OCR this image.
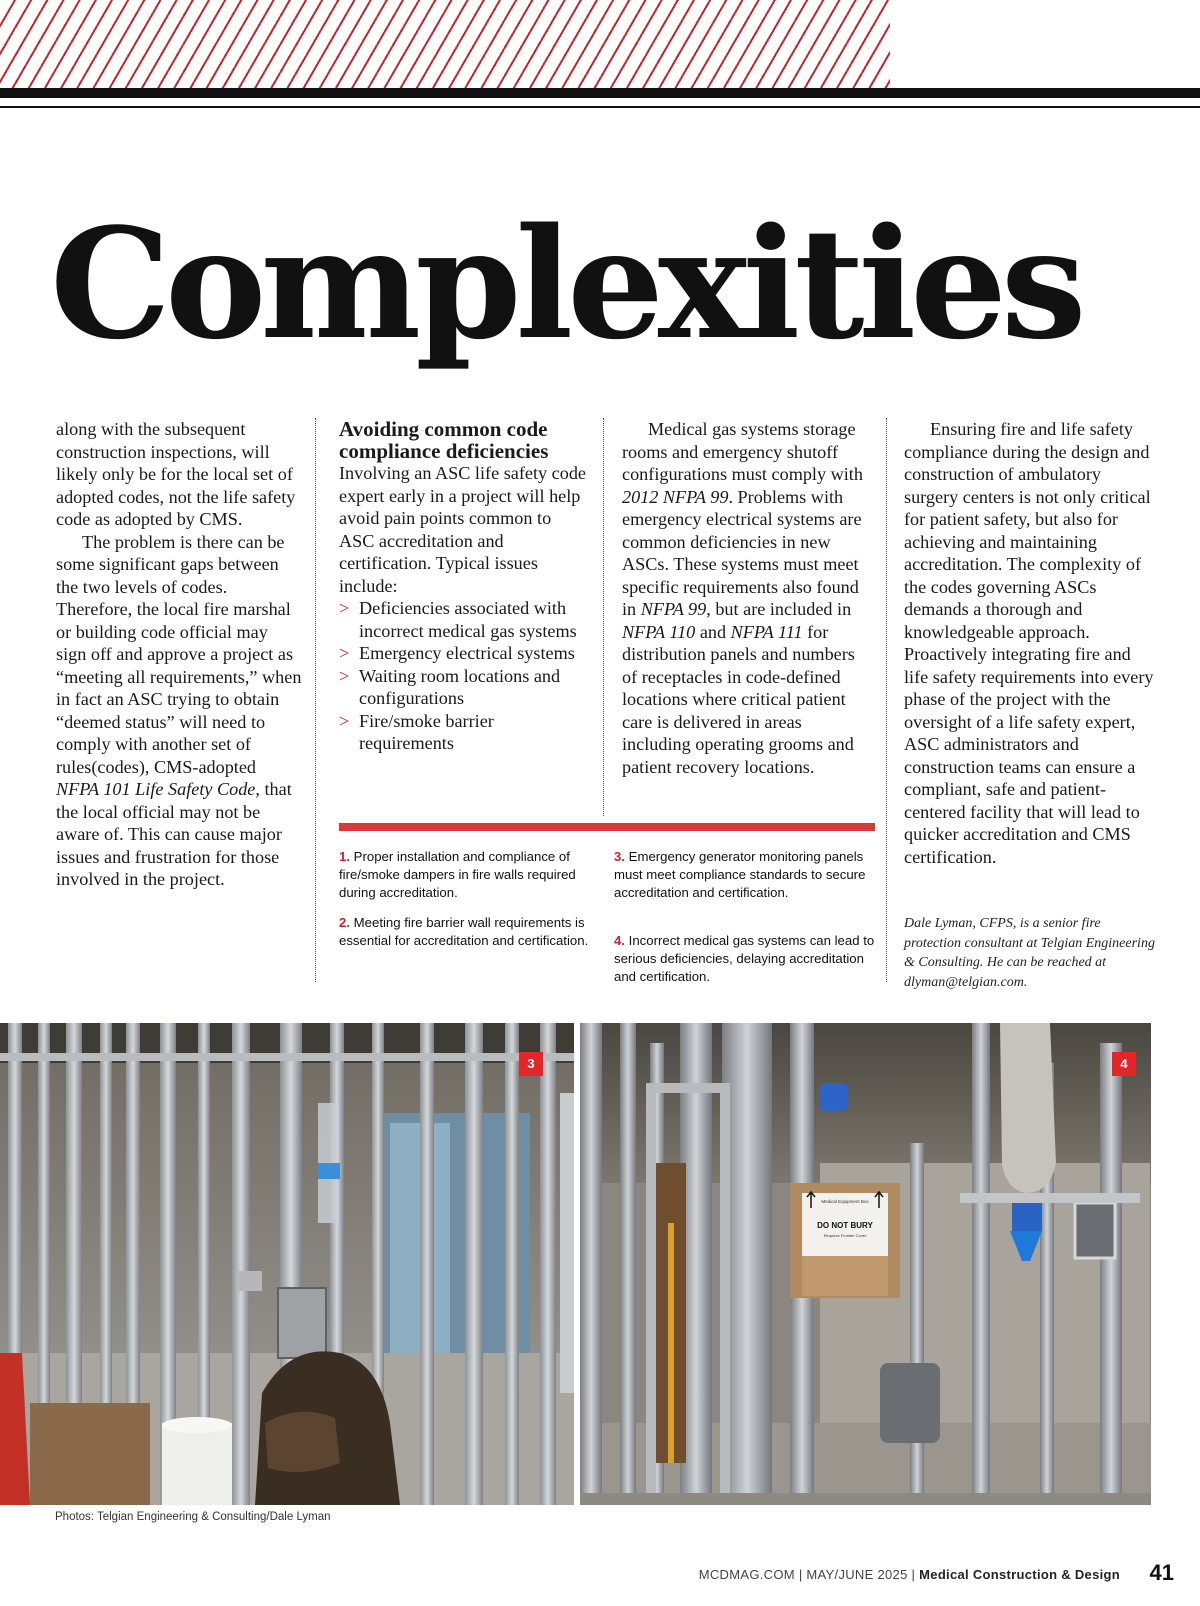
Complexities

along with the subsequent construction inspections, will likely only be for the local set of adopted codes, not the life safety code as adopted by CMS.

The problem is there can be some significant gaps between the two levels of codes. Therefore, the local fire marshal or building code official may sign off and approve a project as “meeting all requirements,” when in fact an ASC trying to obtain “deemed status” will need to comply with another set of rules(codes), CMS-adopted NFPA 101 Life Safety Code, that the local official may not be aware of. This can cause major issues and frustration for those involved in the project.

Avoiding common code compliance deficiencies

Involving an ASC life safety code expert early in a project will help avoid pain points common to ASC accreditation and certification. Typical issues include:

> Deficiencies associated with incorrect medical gas systems
> Emergency electrical systems
> Waiting room locations and configurations
> Fire/smoke barrier requirements

Medical gas systems storage rooms and emergency shutoff configurations must comply with 2012 NFPA 99. Problems with emergency electrical systems are common deficiencies in new ASCs. These systems must meet specific requirements also found in NFPA 99, but are included in NFPA 110 and NFPA 111 for distribution panels and numbers of receptacles in code-defined locations where critical patient care is delivered in areas including operating grooms and patient recovery locations.

Ensuring fire and life safety compliance during the design and construction of ambulatory surgery centers is not only critical for patient safety, but also for achieving and maintaining accreditation. The complexity of the codes governing ASCs demands a thorough and knowledgeable approach. Proactively integrating fire and life safety requirements into every phase of the project with the oversight of a life safety expert, ASC administrators and construction teams can ensure a compliant, safe and patient-centered facility that will lead to quicker accreditation and CMS certification.

Dale Lyman, CFPS, is a senior fire protection consultant at Telgian Engineering & Consulting. He can be reached at dlyman@telgian.com.

1. Proper installation and compliance of fire/smoke dampers in fire walls required during accreditation.

2. Meeting fire barrier wall requirements is essential for accreditation and certification.

3. Emergency generator monitoring panels must meet compliance standards to secure accreditation and certification.

4. Incorrect medical gas systems can lead to serious deficiencies, delaying accreditation and certification.

3
Medical Equipment Box
DO NOT BURY
Requires Frontier Cover
4
Photos: Telgian Engineering & Consulting/Dale Lyman
MCDMAG.COM | MAY/JUNE 2025 | Medical Construction & Design 41
